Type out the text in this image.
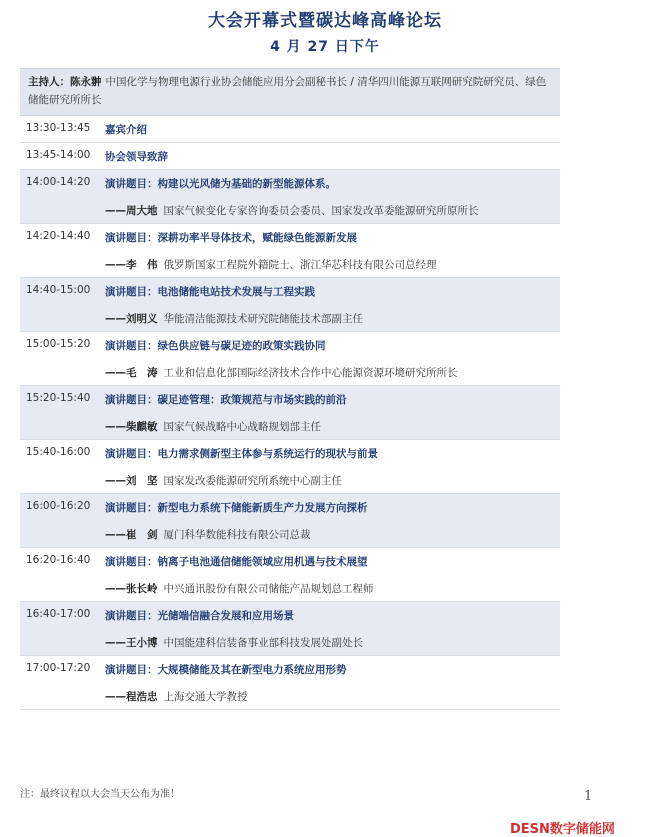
大会开幕式暨碳达峰高峰论坛
4 月 27 日下午
主持人：陈永翀 中国化学与物理电源行业协会储能应用分会副秘书长 / 清华四川能源互联网研究院研究员、绿色储能研究所所长
13:30-13:45 嘉宾介绍
13:45-14:00 协会领导致辞
14:00-14:20 演讲题目：构建以光风储为基础的新型能源体系。
——周大地 国家气候变化专家咨询委员会委员、国家发改革委能源研究所原所长
14:20-14:40 演讲题目：深耕功率半导体技术，赋能绿色能源新发展
——李　伟 俄罗斯国家工程院外籍院士、浙江华芯科技有限公司总经理
14:40-15:00 演讲题目：电池储能电站技术发展与工程实践
——刘明义 华能清洁能源技术研究院储能技术部副主任
15:00-15:20 演讲题目：绿色供应链与碳足迹的政策实践协同
——毛　涛 工业和信息化部国际经济技术合作中心能源资源环境研究所所长
15:20-15:40 演讲题目：碳足迹管理：政策规范与市场实践的前沿
——柴麒敏 国家气候战略中心战略规划部主任
15:40-16:00 演讲题目：电力需求侧新型主体参与系统运行的现状与前景
——刘　坚 国家发改委能源研究所系统中心副主任
16:00-16:20 演讲题目：新型电力系统下储能新质生产力发展方向探析
——崔　剑 厦门科华数能科技有限公司总裁
16:20-16:40 演讲题目：钠离子电池通信储能领域应用机遇与技术展望
——张长岭 中兴通讯股份有限公司储能产品规划总工程师
16:40-17:00 演讲题目：光储端信融合发展和应用场景
——王小博 中国能建科信装备事业部科技发展处副处长
17:00-17:20 演讲题目：大规模储能及其在新型电力系统应用形势
——程浩忠 上海交通大学教授
注：最终议程以大会当天公布为准！	1
DESN数字储能网
